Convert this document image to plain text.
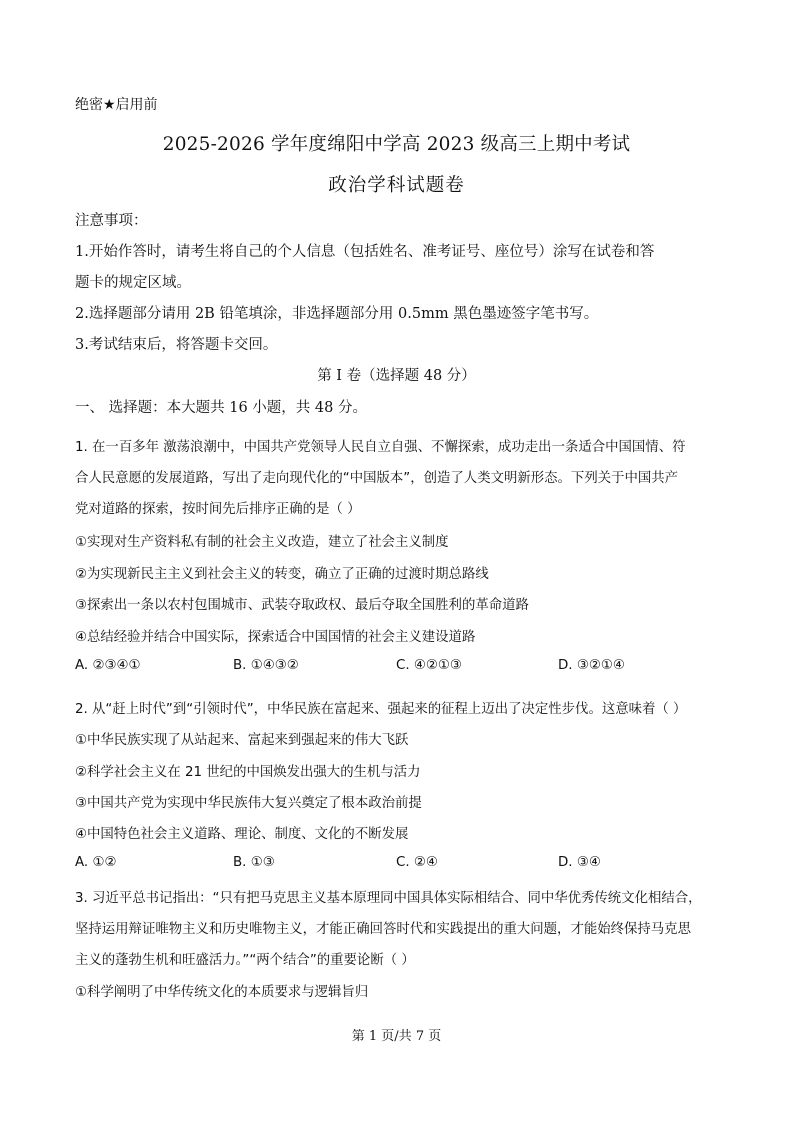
绝密★启用前
2025-2026 学年度绵阳中学高 2023 级高三上期中考试
政治学科试题卷
注意事项：
1.开始作答时，请考生将自己的个人信息（包括姓名、准考证号、座位号）涂写在试卷和答
题卡的规定区域。
2.选择题部分请用 2B 铅笔填涂，非选择题部分用 0.5mm 黑色墨迹签字笔书写。
3.考试结束后，将答题卡交回。
第 I 卷（选择题 48 分）
一、 选择题：本大题共 16 小题，共 48 分。
1. 在一百多年 激荡浪潮中，中国共产党领导人民自立自强、不懈探索，成功走出一条适合中国国情、符
合人民意愿的发展道路，写出了走向现代化的“中国版本”，创造了人类文明新形态。下列关于中国共产
党对道路的探索，按时间先后排序正确的是（ ）
①实现对生产资料私有制的社会主义改造，建立了社会主义制度
②为实现新民主主义到社会主义的转变，确立了正确的过渡时期总路线
③探索出一条以农村包围城市、武装夺取政权、最后夺取全国胜利的革命道路
④总结经验并结合中国实际，探索适合中国国情的社会主义建设道路
A. ②③④①	B. ①④③②	C. ④②①③	D. ③②①④
2. 从“赶上时代”到“引领时代”，中华民族在富起来、强起来的征程上迈出了决定性步伐。这意味着（ ）
①中华民族实现了从站起来、富起来到强起来的伟大飞跃
②科学社会主义在 21 世纪的中国焕发出强大的生机与活力
③中国共产党为实现中华民族伟大复兴奠定了根本政治前提
④中国特色社会主义道路、理论、制度、文化的不断发展
A. ①②	B. ①③	C. ②④	D. ③④
3. 习近平总书记指出：“只有把马克思主义基本原理同中国具体实际相结合、同中华优秀传统文化相结合，
坚持运用辩证唯物主义和历史唯物主义，才能正确回答时代和实践提出的重大问题，才能始终保持马克思
主义的蓬勃生机和旺盛活力。”“两个结合”的重要论断（ ）
①科学阐明了中华传统文化的本质要求与逻辑旨归
第 1 页/共 7 页
